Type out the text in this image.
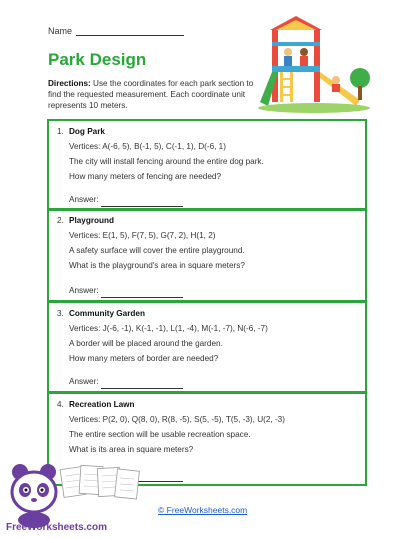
Name
Park Design
Directions: Use the coordinates for each park section to find the requested measurement. Each coordinate unit represents 10 meters.
1. Dog Park
Vertices: A(-6, 5), B(-1, 5), C(-1, 1), D(-6, 1)
The city will install fencing around the entire dog park.
How many meters of fencing are needed?
Answer:
2. Playground
Vertices: E(1, 5), F(7, 5), G(7, 2), H(1, 2)
A safety surface will cover the entire playground.
What is the playground's area in square meters?
Answer:
3. Community Garden
Vertices: J(-6, -1), K(-1, -1), L(1, -4), M(-1, -7), N(-6, -7)
A border will be placed around the garden.
How many meters of border are needed?
Answer:
4. Recreation Lawn
Vertices: P(2, 0), Q(8, 0), R(8, -5), S(5, -5), T(5, -3), U(2, -3)
The entire section will be usable recreation space.
What is its area in square meters?
FreeWorksheets.com
© FreeWorksheets.com
